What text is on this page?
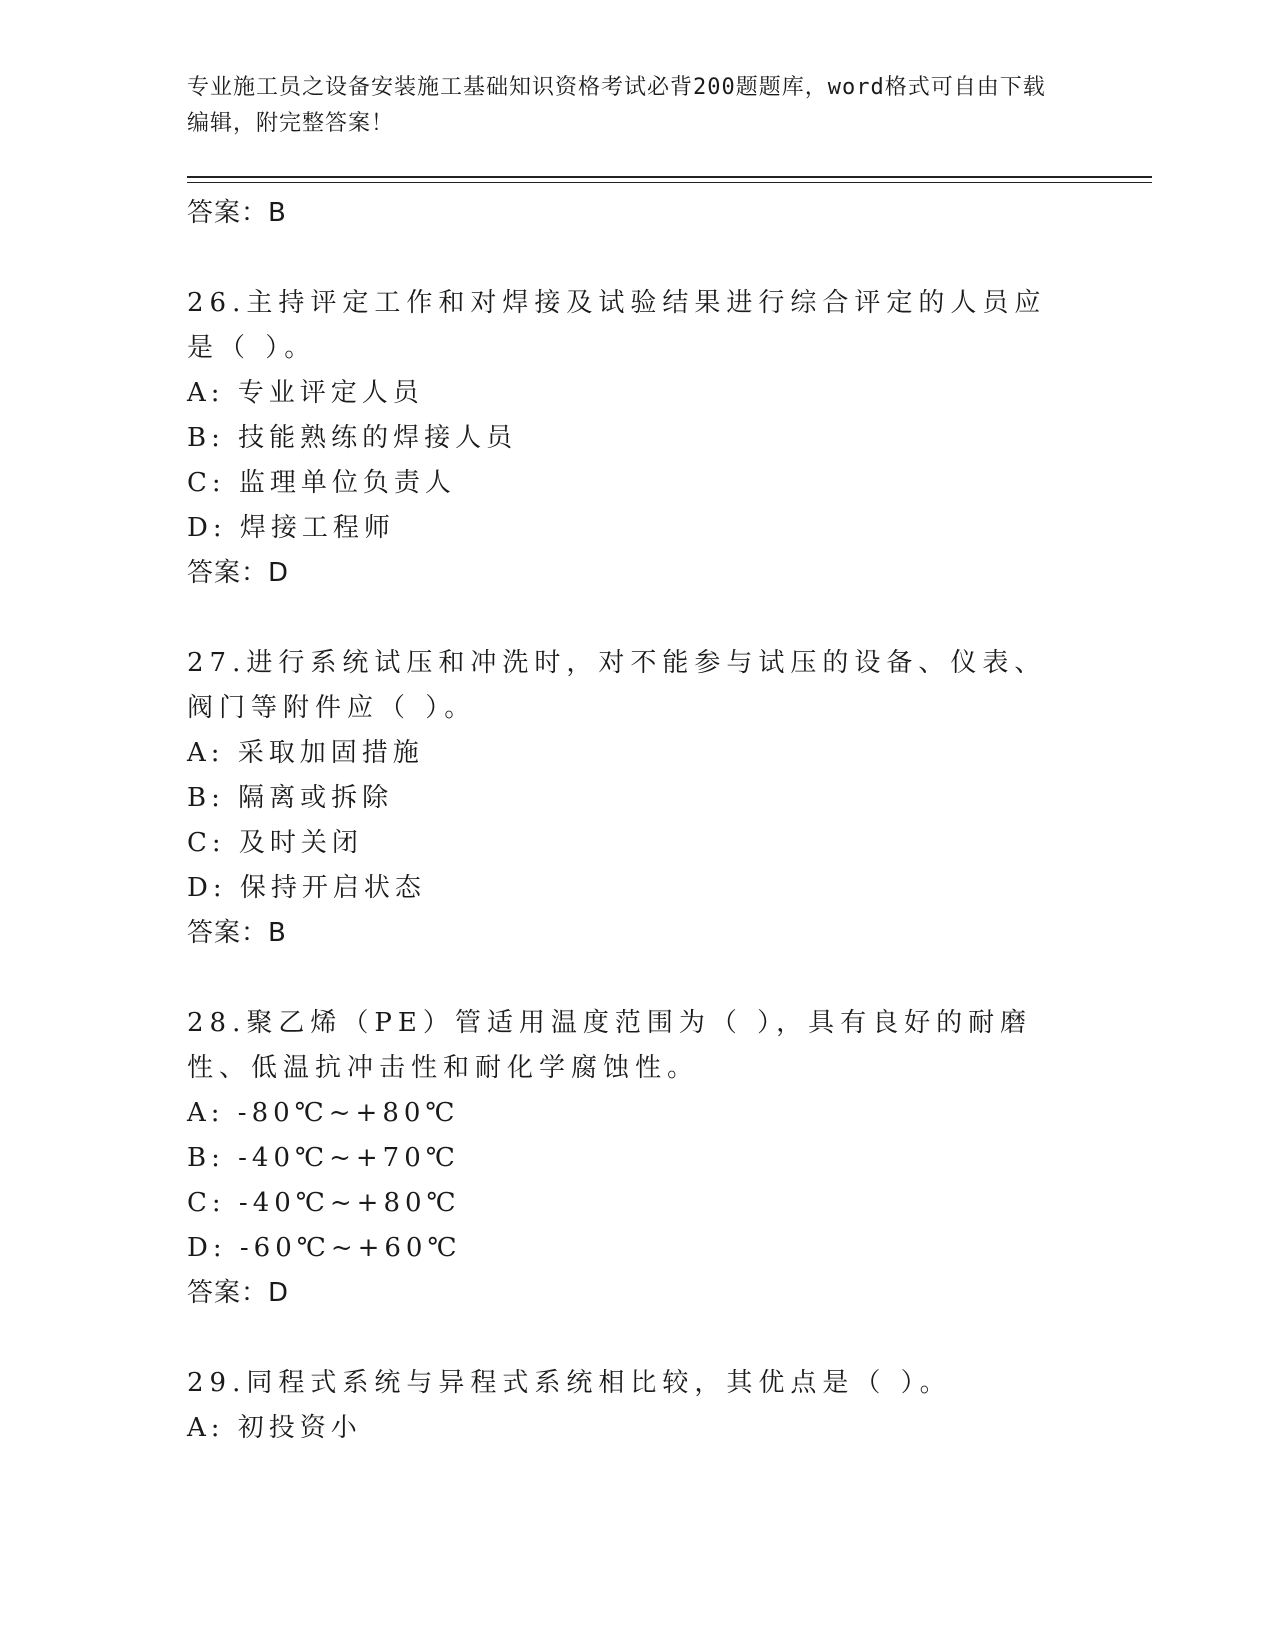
专业施工员之设备安装施工基础知识资格考试必背200题题库，word格式可自由下载编辑，附完整答案！

答案：B

26.主持评定工作和对焊接及试验结果进行综合评定的人员应是（ ）。

A: 专业评定人员

B: 技能熟练的焊接人员

C: 监理单位负责人

D: 焊接工程师

答案：D

27.进行系统试压和冲洗时，对不能参与试压的设备、仪表、阀门等附件应（ ）。

A: 采取加固措施

B: 隔离或拆除

C: 及时关闭

D: 保持开启状态

答案：B

28.聚乙烯（PE）管适用温度范围为（ ），具有良好的耐磨性、低温抗冲击性和耐化学腐蚀性。

A: -80℃~+80℃

B: -40℃~+70℃

C: -40℃~+80℃

D: -60℃~+60℃

答案：D

29.同程式系统与异程式系统相比较，其优点是（ ）。

A: 初投资小
